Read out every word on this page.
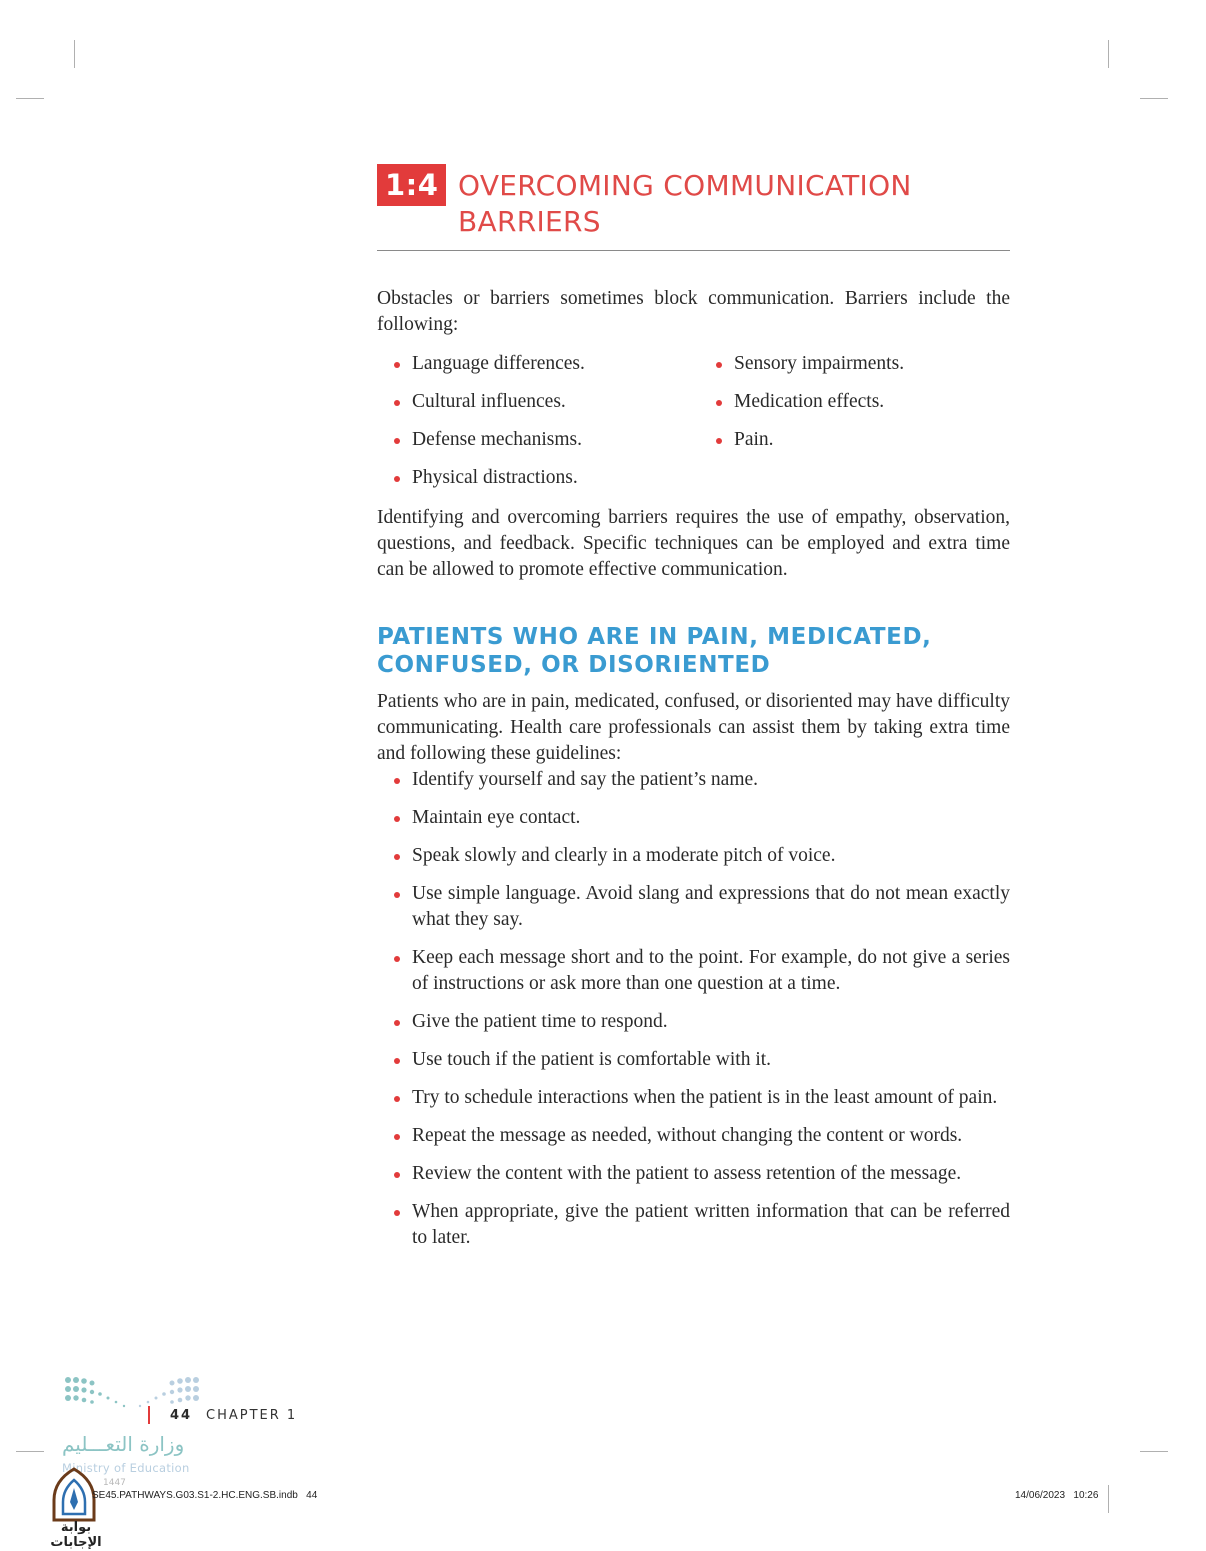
1:4 OVERCOMING COMMUNICATION
BARRIERS

Obstacles or barriers sometimes block communication. Barriers include the following:

Language differences.
Cultural influences.
Defense mechanisms.
Physical distractions.
Sensory impairments.
Medication effects.
Pain.

Identifying and overcoming barriers requires the use of empathy, observation, questions, and feedback. Specific techniques can be employed and extra time can be allowed to promote effective communication.

PATIENTS WHO ARE IN PAIN, MEDICATED,
CONFUSED, OR DISORIENTED

Patients who are in pain, medicated, confused, or disoriented may have difficulty communicating. Health care professionals can assist them by taking extra time and following these guidelines:

Identify yourself and say the patient’s name.
Maintain eye contact.
Speak slowly and clearly in a moderate pitch of voice.
Use simple language. Avoid slang and expressions that do not mean exactly what they say.
Keep each message short and to the point. For example, do not give a series of instructions or ask more than one question at a time.
Give the patient time to respond.
Use touch if the patient is comfortable with it.
Try to schedule interactions when the patient is in the least amount of pain.
Repeat the message as needed, without changing the content or words.
Review the content with the patient to assess retention of the message.
When appropriate, give the patient written information that can be referred to later.
44 CHAPTER 1
وزارة التعـــليم
Ministry of Education
1447
بوابة الإجابات
SE45.PATHWAYS.G03.S1-2.HC.ENG.SB.indb   44	14/06/2023   10:26
